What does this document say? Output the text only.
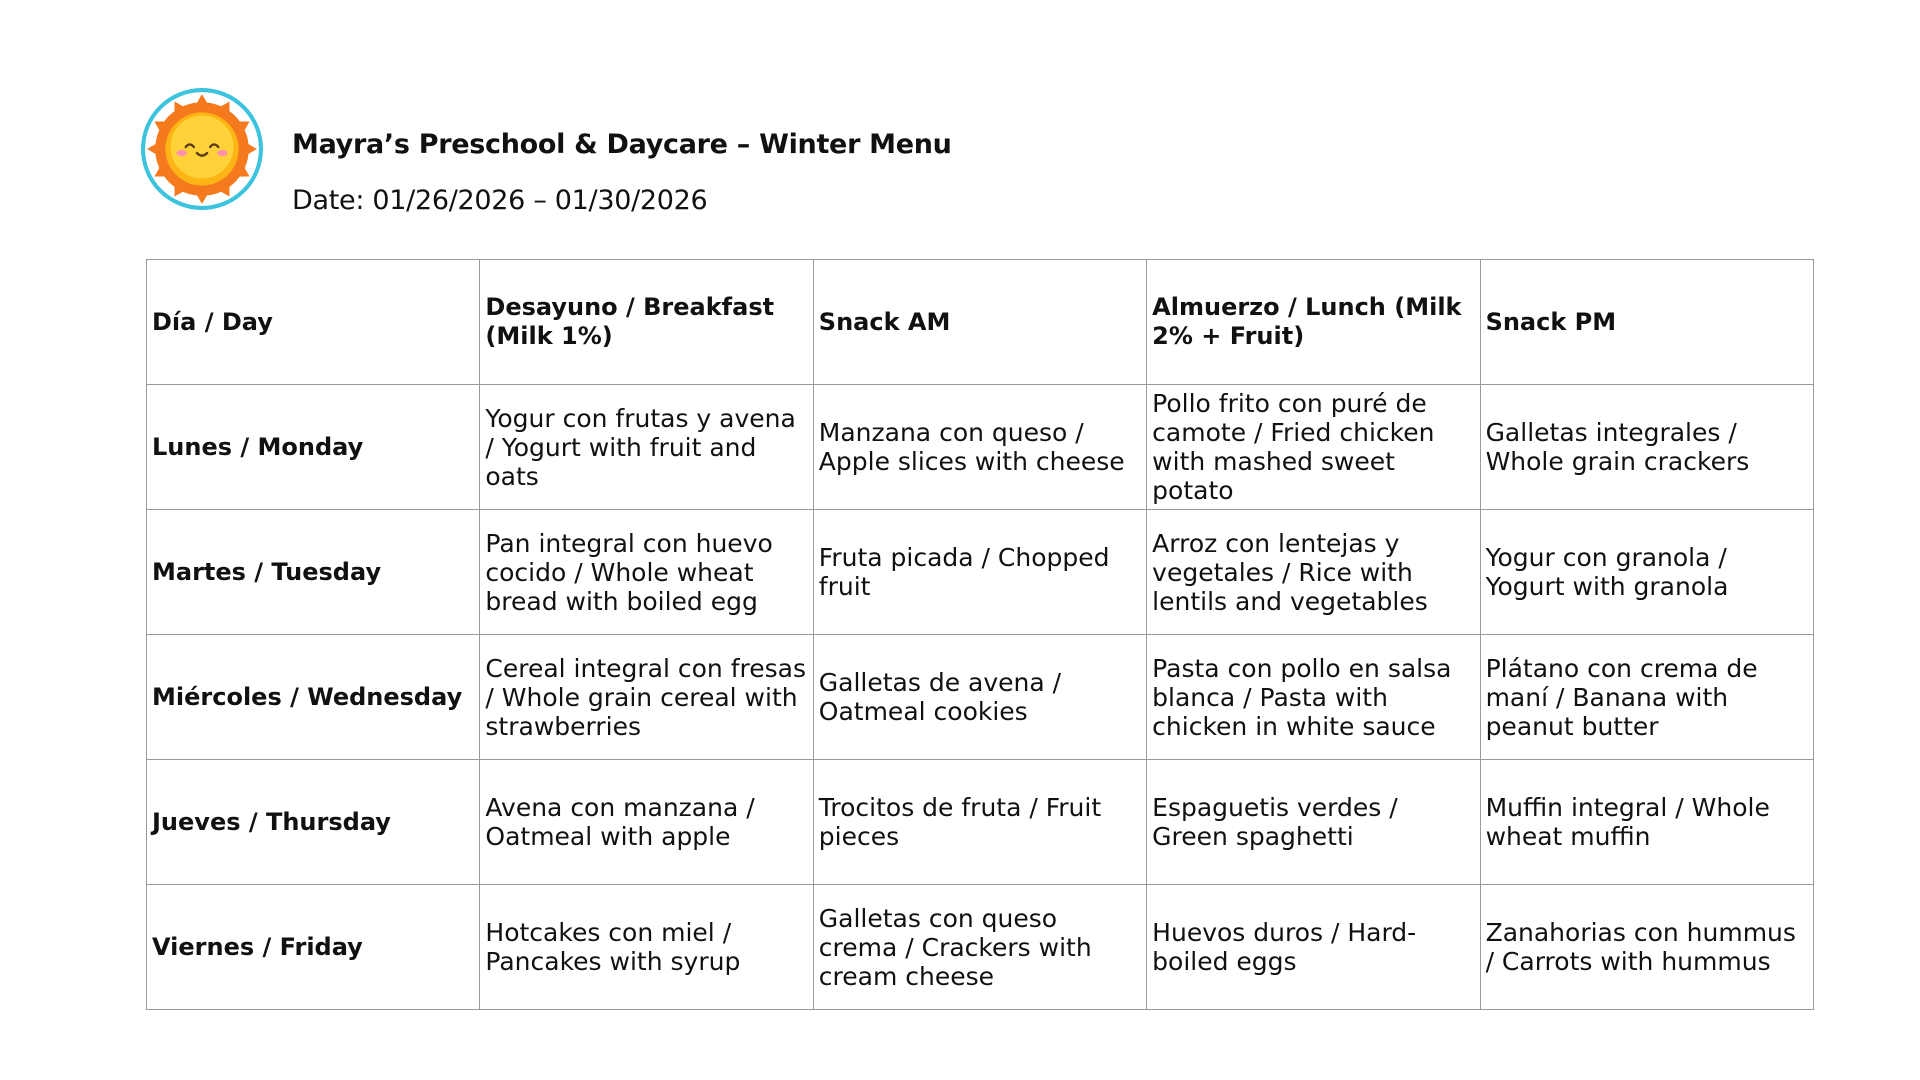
Mayra’s Preschool & Daycare – Winter Menu
Date: 01/26/2026 – 01/30/2026
Día / Day	Desayuno / Breakfast (Milk 1%)	Snack AM	Almuerzo / Lunch (Milk 2% + Fruit)	Snack PM
Lunes / Monday	Yogur con frutas y avena / Yogurt with fruit and oats	Manzana con queso / Apple slices with cheese	Pollo frito con puré de camote / Fried chicken with mashed sweet potato	Galletas integrales / Whole grain crackers
Martes / Tuesday	Pan integral con huevo cocido / Whole wheat bread with boiled egg	Fruta picada / Chopped fruit	Arroz con lentejas y vegetales / Rice with lentils and vegetables	Yogur con granola / Yogurt with granola
Miércoles / Wednesday	Cereal integral con fresas / Whole grain cereal with strawberries	Galletas de avena / Oatmeal cookies	Pasta con pollo en salsa blanca / Pasta with chicken in white sauce	Plátano con crema de maní / Banana with peanut butter
Jueves / Thursday	Avena con manzana / Oatmeal with apple	Trocitos de fruta / Fruit pieces	Espaguetis verdes / Green spaghetti	Muffin integral / Whole wheat muffin
Viernes / Friday	Hotcakes con miel / Pancakes with syrup	Galletas con queso crema / Crackers with cream cheese	Huevos duros / Hard-boiled eggs	Zanahorias con hummus / Carrots with hummus
